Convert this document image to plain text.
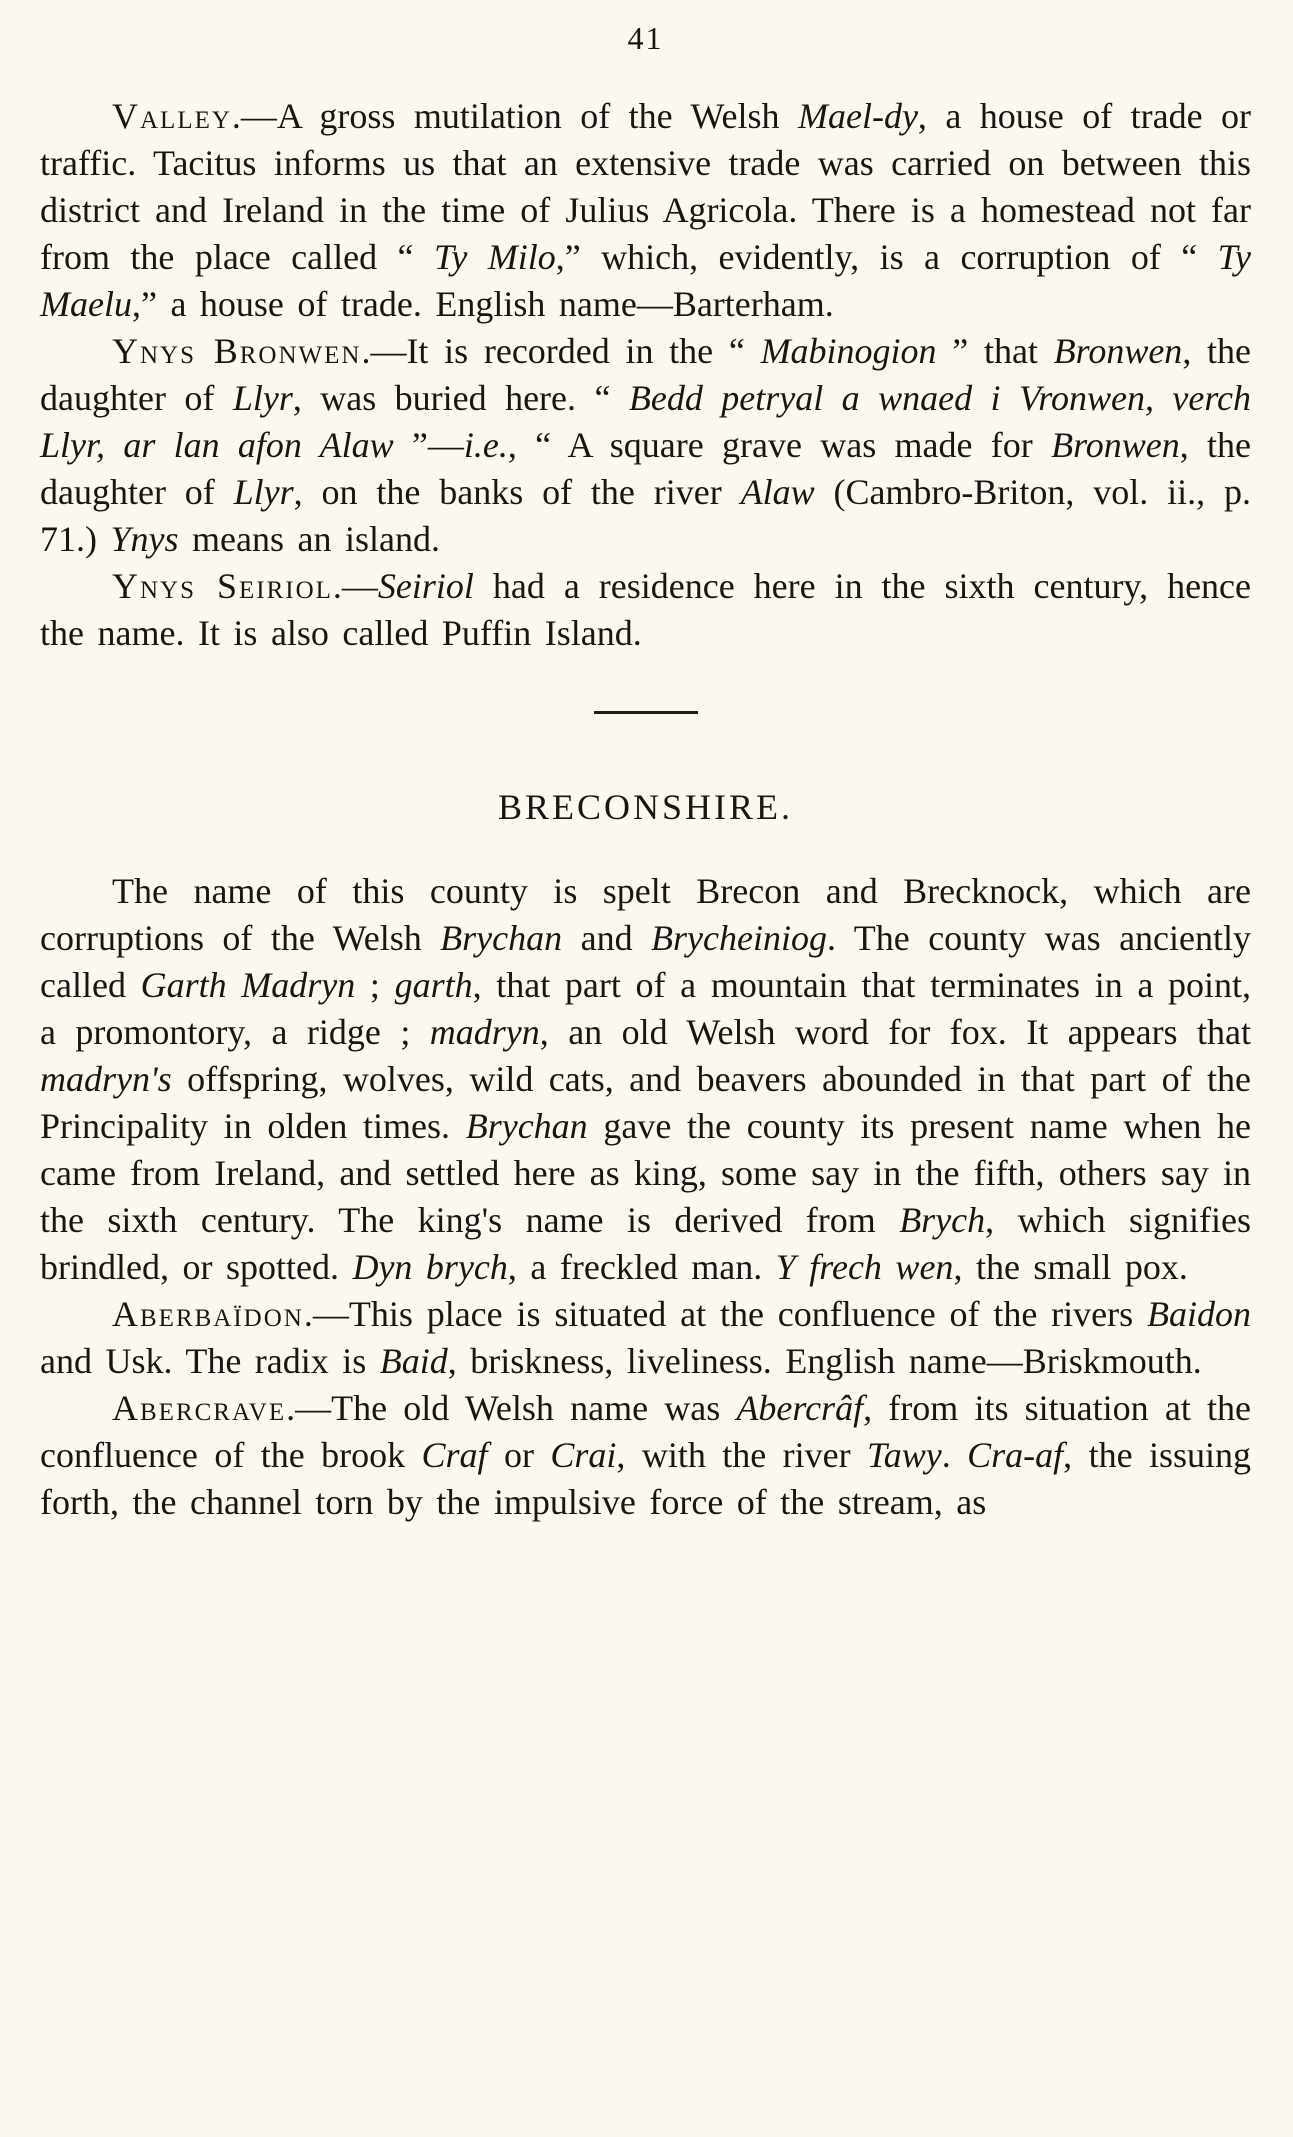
41

Valley.—A gross mutilation of the Welsh Mael-dy, a house of trade or traffic. Tacitus informs us that an extensive trade was carried on between this district and Ireland in the time of Julius Agricola. There is a homestead not far from the place called “ Ty Milo,” which, evidently, is a corruption of “ Ty Maelu,” a house of trade. English name—Barterham.

Ynys Bronwen.—It is recorded in the “ Mabinogion ” that Bronwen, the daughter of Llyr, was buried here. “ Bedd petryal a wnaed i Vronwen, verch Llyr, ar lan afon Alaw ”—i.e., “ A square grave was made for Bronwen, the daughter of Llyr, on the banks of the river Alaw (Cambro-Briton, vol. ii., p. 71.) Ynys means an island.

Ynys Seiriol.—Seiriol had a residence here in the sixth century, hence the name. It is also called Puffin Island.

BRECONSHIRE.

The name of this county is spelt Brecon and Brecknock, which are corruptions of the Welsh Brychan and Brycheiniog. The county was anciently called Garth Madryn ; garth, that part of a mountain that terminates in a point, a promontory, a ridge ; madryn, an old Welsh word for fox. It appears that madryn's offspring, wolves, wild cats, and beavers abounded in that part of the Principality in olden times. Brychan gave the county its present name when he came from Ireland, and settled here as king, some say in the fifth, others say in the sixth century. The king's name is derived from Brych, which signifies brindled, or spotted. Dyn brych, a freckled man. Y frech wen, the small pox.

Aberbaïdon.—This place is situated at the confluence of the rivers Baidon and Usk. The radix is Baid, briskness, liveliness. English name—Briskmouth.

Abercrave.—The old Welsh name was Abercrâf, from its situation at the confluence of the brook Craf or Crai, with the river Tawy. Cra-af, the issuing forth, the channel torn by the impulsive force of the stream, as
